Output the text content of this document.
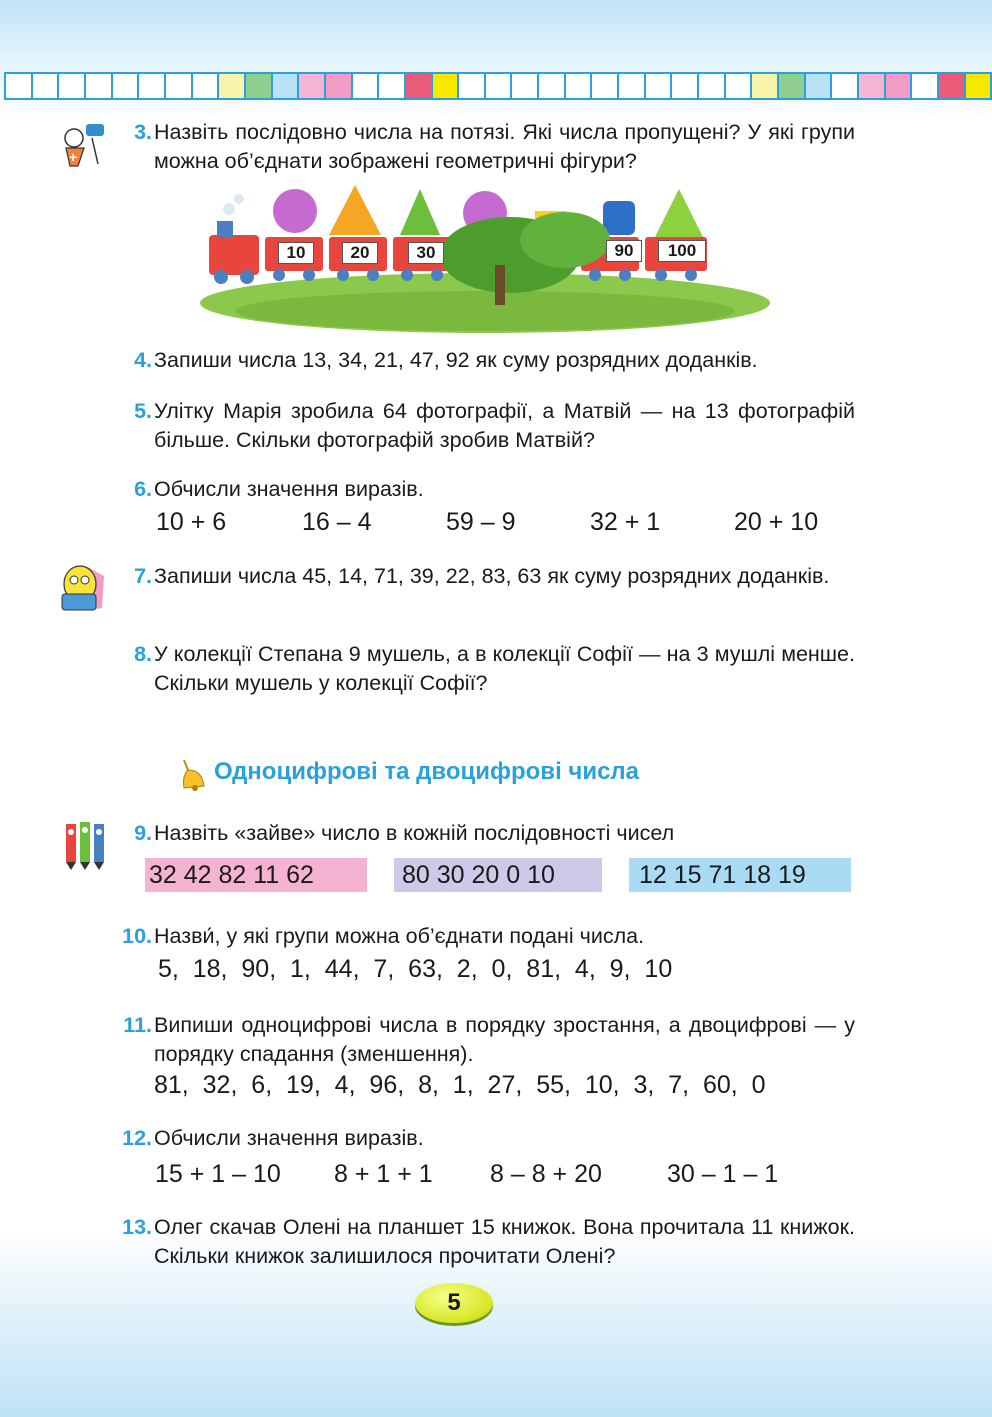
+
3. Назвіть послідовно числа на потязі. Які числа пропущені? У які групи можна об’єднати зображені геометричні фігури?
10	20	30	90	100
4. Запиши числа 13, 34, 21, 47, 92 як суму розрядних доданків.
5. Улітку Марія зробила 64 фотографії, а Матвій — на 13 фотографій більше. Скільки фотографій зробив Матвій?
6. Обчисли значення виразів.
10 + 6	16 – 4	59 – 9	32 + 1	20 + 10
7. Запиши числа 45, 14, 71, 39, 22, 83, 63 як суму розрядних доданків.
8. У колекції Степана 9 мушель, а в колекції Софії — на 3 мушлі менше. Скільки мушель у колекції Софії?
Одноцифрові та двоцифрові числа
9. Назвіть «зайве» число в кожній послідовності чисел
32 42 82 11 62	80 30 20 0 10	12 15 71 18 19
10. Назви́, у які групи можна об’єднати подані числа.
5,  18,  90,  1,  44,  7,  63,  2,  0,  81,  4,  9,  10
11. Випиши одноцифрові числа в порядку зростання, а двоцифрові — у порядку спадання (зменшення).
81,  32,  6,  19,  4,  96,  8,  1,  27,  55,  10,  3,  7,  60,  0
12. Обчисли значення виразів.
15 + 1 – 10 8 + 1 + 1 8 – 8 + 20	30 – 1 – 1
13. Олег скачав Олені на планшет 15 книжок. Вона прочитала 11 книжок. Скільки книжок залишилося прочитати Олені?
5
